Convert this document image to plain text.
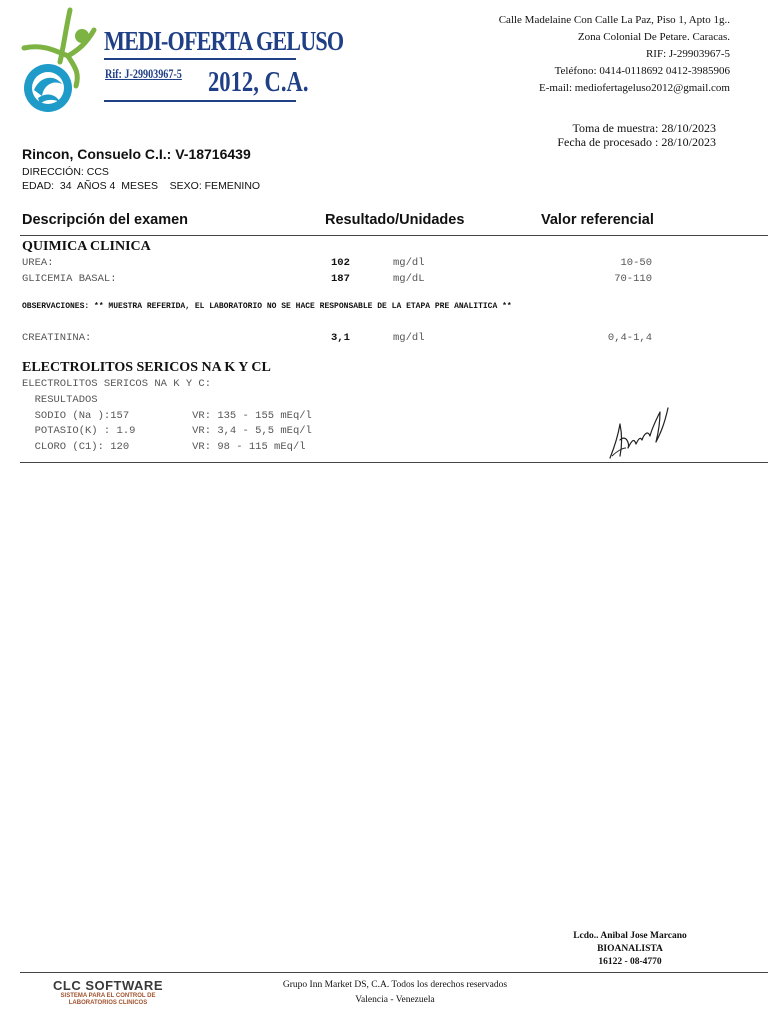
MEDI-OFERTA GELUSO
Rif: J-29903967-5 2012, C.A.
Calle Madelaine Con Calle La Paz, Piso 1, Apto 1g..
Zona Colonial De Petare. Caracas.
RIF: J-29903967-5
Teléfono: 0414-0118692 0412-3985906
E-mail: mediofertageluso2012@gmail.com
Toma de muestra: 28/10/2023
Fecha de procesado : 28/10/2023
Rincon, Consuelo C.I.: V-18716439
DIRECCIÓN: CCS
EDAD:  34  AÑOS 4  MESES    SEXO: FEMENINO
Descripción del examen	Resultado/Unidades	Valor referencial
QUIMICA CLINICA
UREA:	102	mg/dl	10-50
GLICEMIA BASAL:	187	mg/dL	70-110
OBSERVACIONES: ** MUESTRA REFERIDA, EL LABORATORIO NO SE HACE RESPONSABLE DE LA ETAPA PRE ANALITICA **
CREATININA:	3,1	mg/dl	0,4-1,4
ELECTROLITOS SERICOS NA K Y CL
ELECTROLITOS SERICOS NA K Y C:
RESULTADOS
SODIO (Na ):157          VR: 135 - 155 mEq/l
POTASIO(K) : 1.9         VR: 3,4 - 5,5 mEq/l
CLORO (C1): 120          VR: 98 - 115 mEq/l
Lcdo.. Anibal Jose Marcano
BIOANALISTA
16122 - 08-4770
CLC SOFTWARE
SISTEMA PARA EL CONTROL DE
LABORATORIOS CLINICOS
Grupo Inn Market DS, C.A. Todos los derechos reservados
Valencia - Venezuela
